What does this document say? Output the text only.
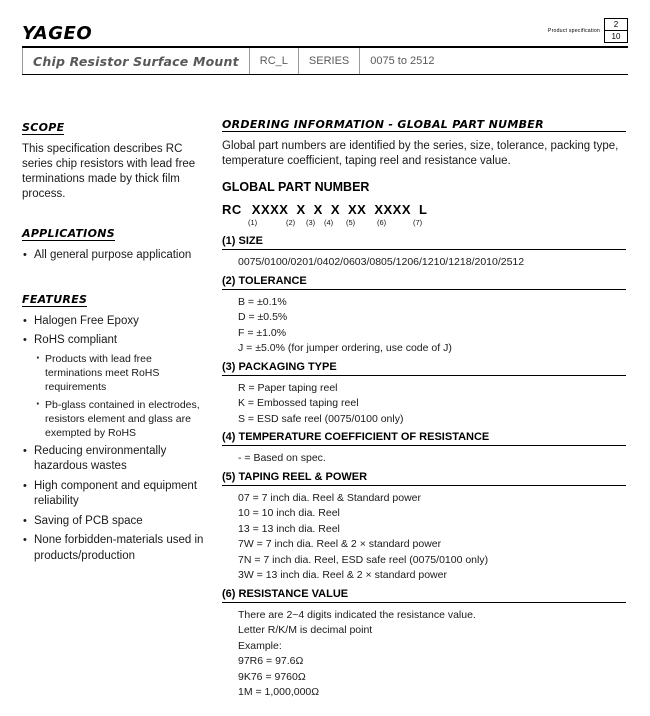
YAGEO	Product specification
2
10
Chip Resistor Surface Mount RC_L SERIES 0075 to 2512
SCOPE
This specification describes RC series chip resistors with lead free terminations made by thick film process.
APPLICATIONS
• All general purpose application
FEATURES
• Halogen Free Epoxy
• RoHS compliant
· Products with lead free terminations meet RoHS requirements
· Pb-glass contained in electrodes, resistors element and glass are exempted by RoHS
• Reducing environmentally hazardous wastes
• High component and equipment reliability
• Saving of PCB space
• None forbidden-materials used in products/production
ORDERING INFORMATION - GLOBAL PART NUMBER
Global part numbers are identified by the series, size, tolerance, packing type, temperature coefficient, taping reel and resistance value.
GLOBAL PART NUMBER
RC XXXX X X X XX XXXX L
(1)	(2)	(3)	(4)	(5)	(6)	(7)
(1) SIZE
0075/0100/0201/0402/0603/0805/1206/1210/1218/2010/2512
(2) TOLERANCE
B = ±0.1%
D = ±0.5%
F = ±1.0%
J = ±5.0% (for jumper ordering, use code of J)
(3) PACKAGING TYPE
R = Paper taping reel
K = Embossed taping reel
S = ESD safe reel (0075/0100 only)
(4) TEMPERATURE COEFFICIENT OF RESISTANCE
- = Based on spec.
(5) TAPING REEL & POWER
07 = 7 inch dia. Reel & Standard power
10 = 10 inch dia. Reel
13 = 13 inch dia. Reel
7W = 7 inch dia. Reel & 2 × standard power
7N = 7 inch dia. Reel, ESD safe reel (0075/0100 only)
3W = 13 inch dia. Reel & 2 × standard power
(6) RESISTANCE VALUE
There are 2~4 digits indicated the resistance value.
Letter R/K/M is decimal point
Example:
97R6 = 97.6Ω
9K76 = 9760Ω
1M = 1,000,000Ω
